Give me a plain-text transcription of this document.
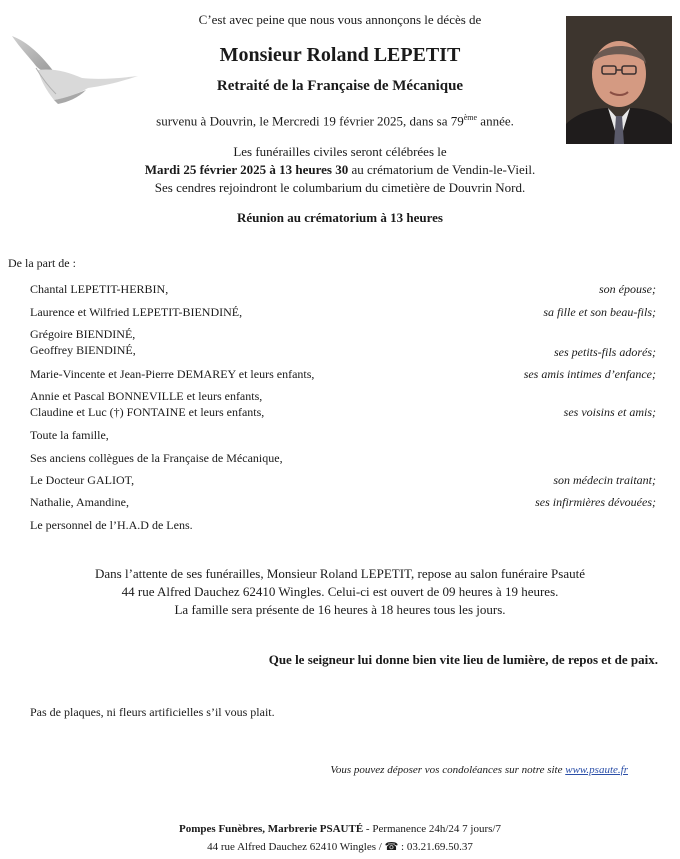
C’est avec peine que nous vous annonçons le décès de
Monsieur Roland LEPETIT
Retraité de la Française de Mécanique
survenu à Douvrin, le Mercredi 19 février 2025, dans sa 79ème année.
Les funérailles civiles seront célébrées le
Mardi 25 février 2025 à 13 heures 30 au crématorium de Vendin-le-Vieil.
Ses cendres rejoindront le columbarium du cimetière de Douvrin Nord.
Réunion au crématorium à 13 heures
De la part de :
Chantal LEPETIT-HERBIN,	son épouse;
Laurence et Wilfried LEPETIT-BIENDINÉ,	sa fille et son beau-fils;
Grégoire BIENDINÉ,
Geoffrey BIENDINÉ,	ses petits-fils adorés;
Marie-Vincente et Jean-Pierre DEMAREY et leurs enfants,	ses amis intimes d’enfance;
Annie et Pascal BONNEVILLE et leurs enfants,
Claudine et Luc (†) FONTAINE et leurs enfants,	ses voisins et amis;
Toute la famille,
Ses anciens collègues de la Française de Mécanique,
Le Docteur GALIOT,	son médecin traitant;
Nathalie, Amandine,	ses infirmières dévouées;
Le personnel de l’H.A.D de Lens.
Dans l’attente de ses funérailles, Monsieur Roland LEPETIT, repose au salon funéraire Psauté
44 rue Alfred Dauchez 62410 Wingles. Celui-ci est ouvert de 09 heures à 19 heures.
La famille sera présente de 16 heures à 18 heures tous les jours.
Que le seigneur lui donne bien vite lieu de lumière, de repos et de paix.
Pas de plaques, ni fleurs artificielles s’il vous plait.
Vous pouvez déposer vos condoléances sur notre site www.psaute.fr
Pompes Funèbres, Marbrerie PSAUTÉ - Permanence 24h/24 7 jours/7
44 rue Alfred Dauchez 62410 Wingles / ☎ : 03.21.69.50.37
